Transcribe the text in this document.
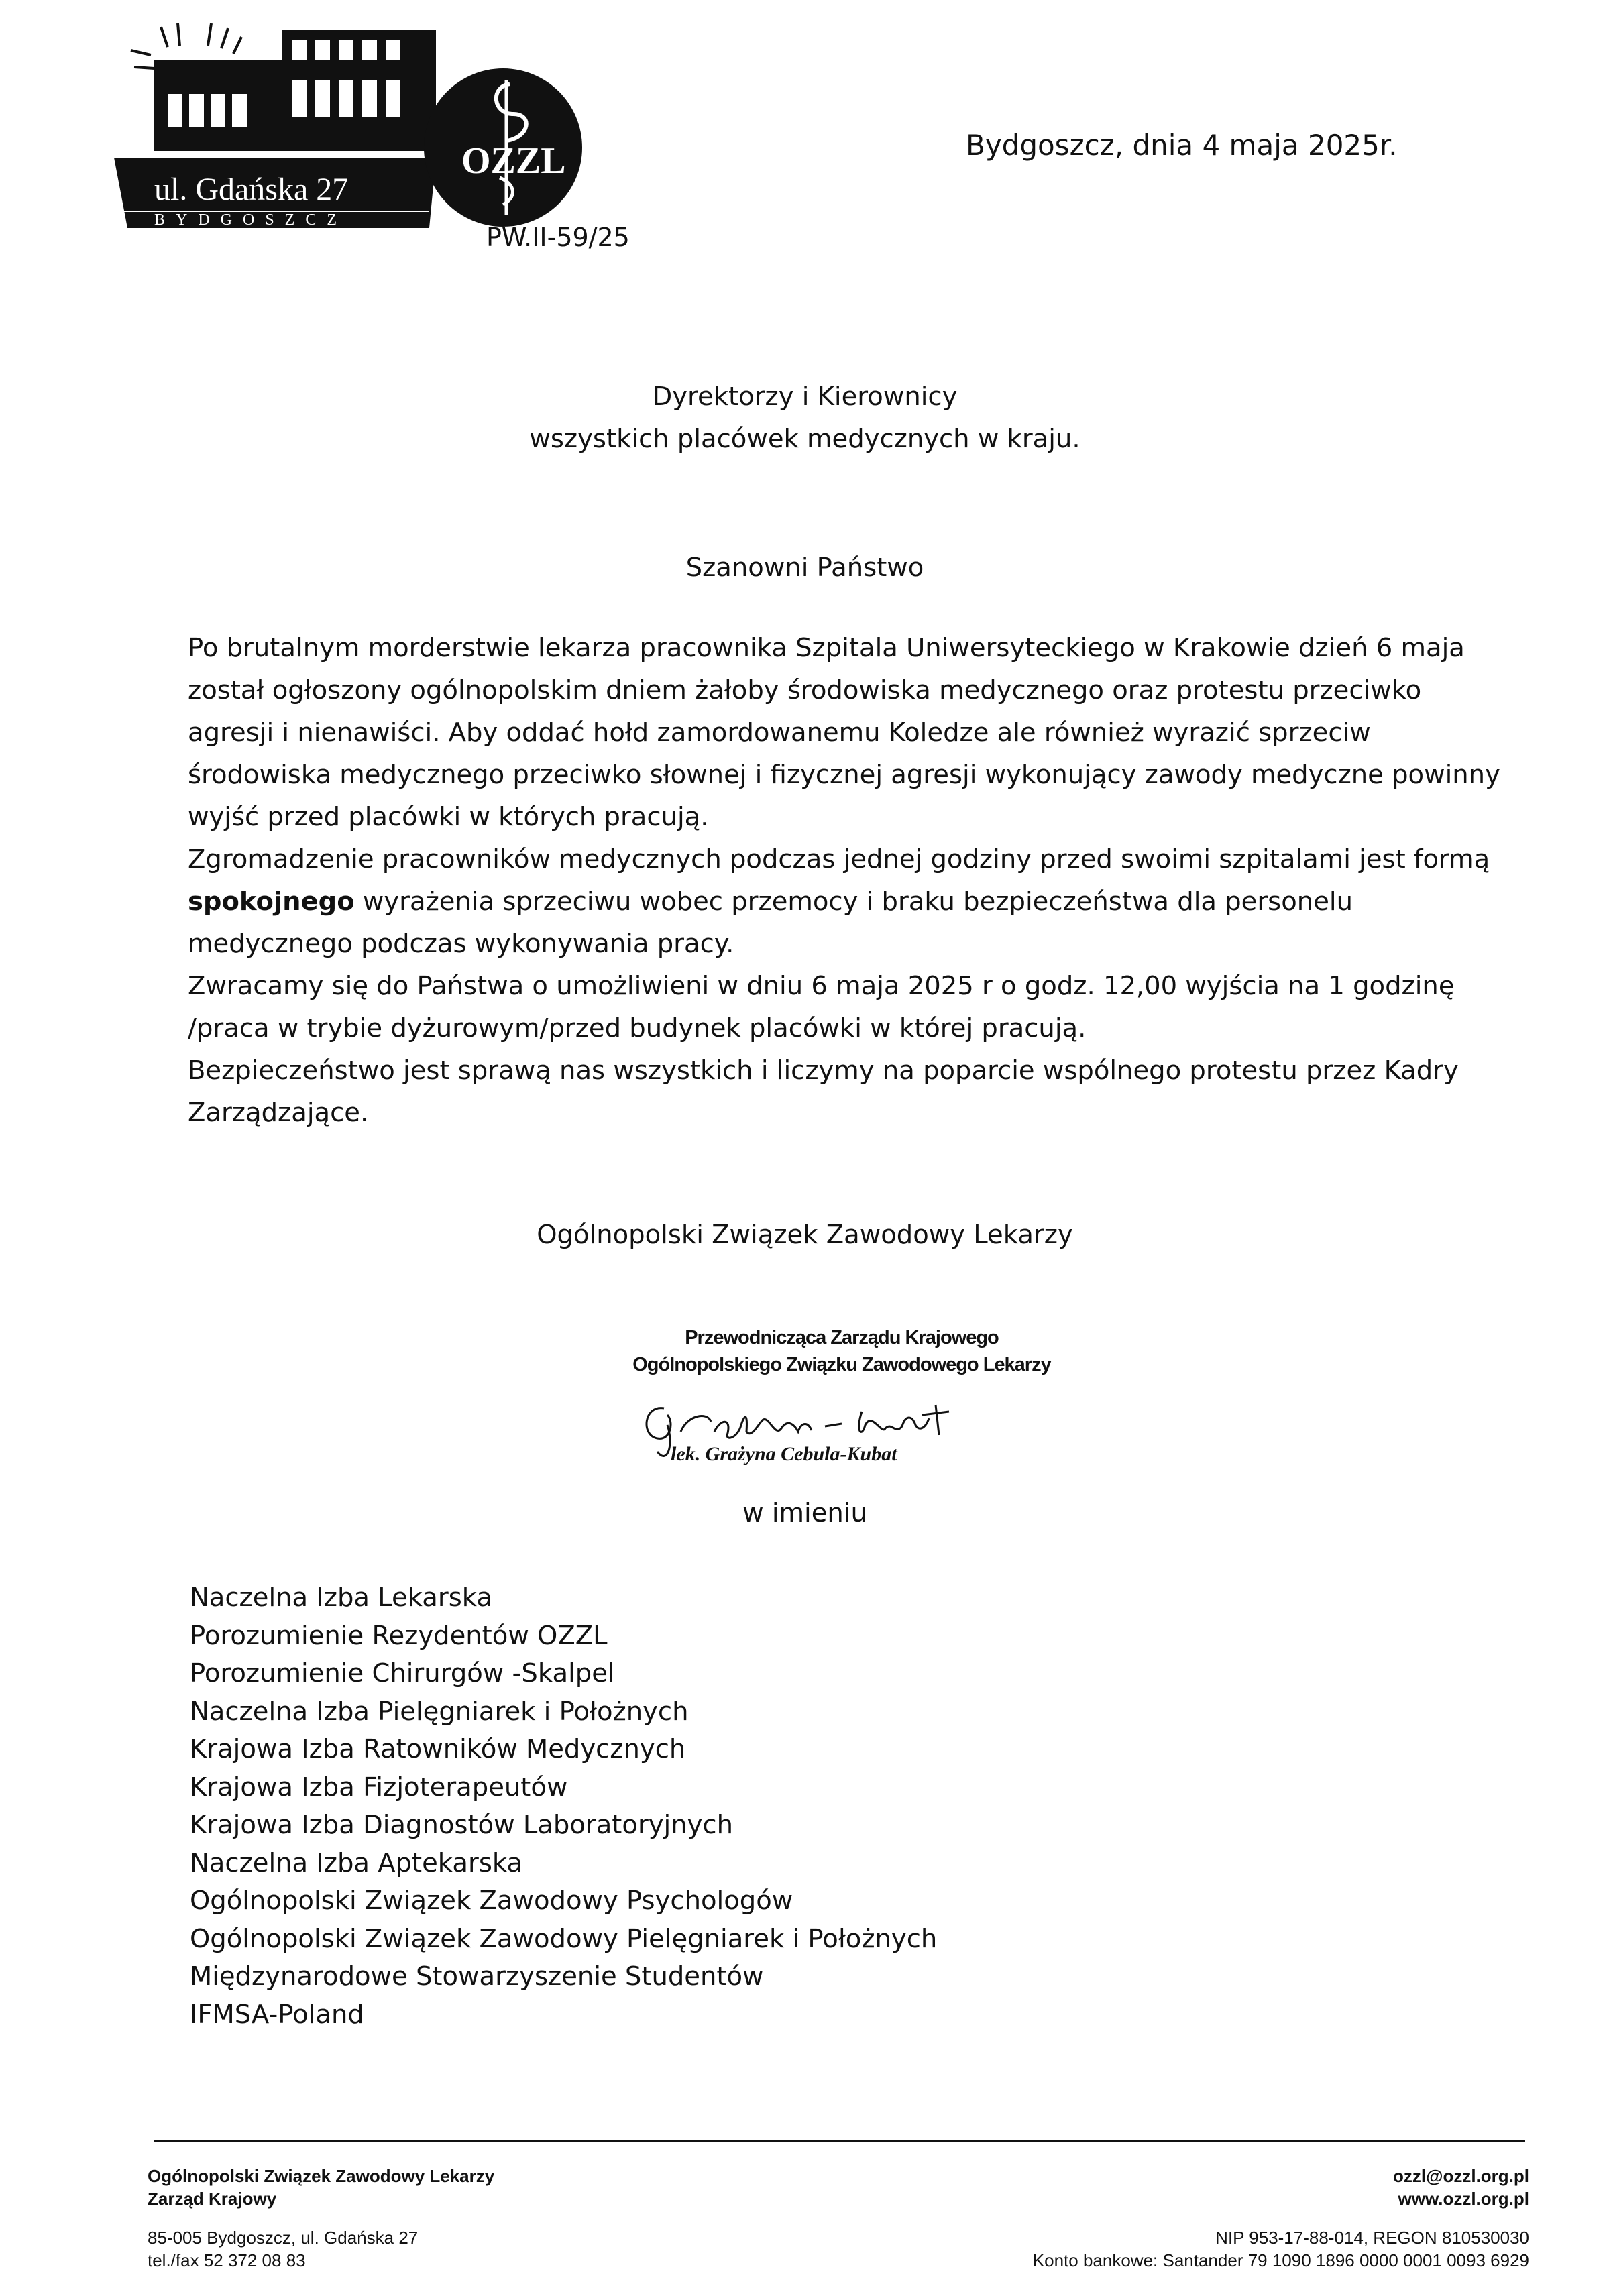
ul. Gdańska 27
BYDGOSZCZ
OZZL	Bydgoszcz, dnia 4 maja 2025r.
PW.II-59/25
Dyrektorzy i Kierownicy
wszystkich placówek medycznych w kraju.
Szanowni Państwo

Po brutalnym morderstwie lekarza pracownika Szpitala Uniwersyteckiego w Krakowie dzień 6 maja został ogłoszony ogólnopolskim dniem żałoby środowiska medycznego oraz protestu przeciwko agresji i nienawiści. Aby oddać hołd zamordowanemu Koledze ale również wyrazić sprzeciw środowiska medycznego przeciwko słownej i fizycznej agresji wykonujący zawody medyczne powinny wyjść przed placówki w których pracują.

Zgromadzenie pracowników medycznych podczas jednej godziny przed swoimi szpitalami jest formą spokojnego wyrażenia sprzeciwu wobec przemocy i braku bezpieczeństwa dla personelu medycznego podczas wykonywania pracy.

Zwracamy się do Państwa o umożliwieni w dniu 6 maja 2025 r o godz. 12,00 wyjścia na 1 godzinę /praca w trybie dyżurowym/przed budynek placówki w której pracują.

Bezpieczeństwo jest sprawą nas wszystkich i liczymy na poparcie wspólnego protestu przez Kadry Zarządzające.

Ogólnopolski Związek Zawodowy Lekarzy
Przewodnicząca Zarządu Krajowego
Ogólnopolskiego Związku Zawodowego Lekarzy
lek. Grażyna Cebula-Kubat
w imieniu
Naczelna Izba Lekarska
Porozumienie Rezydentów OZZL
Porozumienie Chirurgów -Skalpel
Naczelna Izba Pielęgniarek i Położnych
Krajowa Izba Ratowników Medycznych
Krajowa Izba Fizjoterapeutów
Krajowa Izba Diagnostów Laboratoryjnych
Naczelna Izba Aptekarska
Ogólnopolski Związek Zawodowy Psychologów
Ogólnopolski Związek Zawodowy Pielęgniarek i Położnych
Międzynarodowe Stowarzyszenie Studentów
IFMSA-Poland
Ogólnopolski Związek Zawodowy Lekarzy
Zarząd Krajowy
85-005 Bydgoszcz, ul. Gdańska 27
tel./fax 52 372 08 83
ozzl@ozzl.org.pl
www.ozzl.org.pl
NIP 953-17-88-014, REGON 810530030
Konto bankowe: Santander 79 1090 1896 0000 0001 0093 6929
